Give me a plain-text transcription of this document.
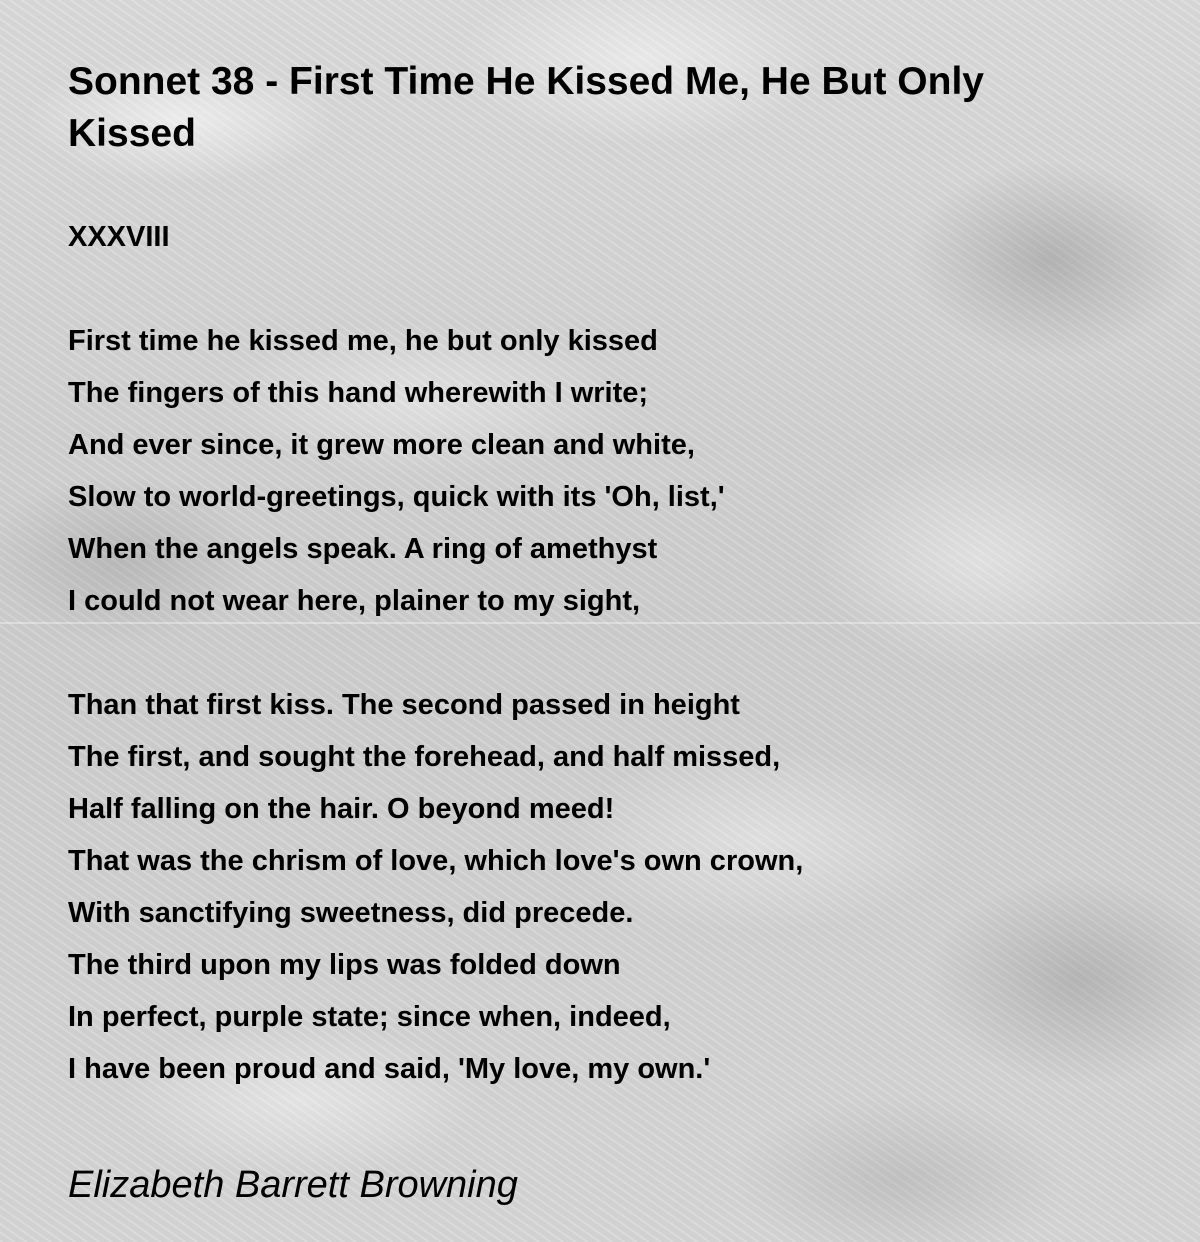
Sonnet 38 - First Time He Kissed Me, He But Only Kissed
XXXVIII
First time he kissed me, he but only kissed
The fingers of this hand wherewith I write;
And ever since, it grew more clean and white,
Slow to world-greetings, quick with its 'Oh, list,'
When the angels speak. A ring of amethyst
I could not wear here, plainer to my sight,
Than that first kiss. The second passed in height
The first, and sought the forehead, and half missed,
Half falling on the hair. O beyond meed!
That was the chrism of love, which love's own crown,
With sanctifying sweetness, did precede.
The third upon my lips was folded down
In perfect, purple state; since when, indeed,
I have been proud and said, 'My love, my own.'
Elizabeth Barrett Browning
